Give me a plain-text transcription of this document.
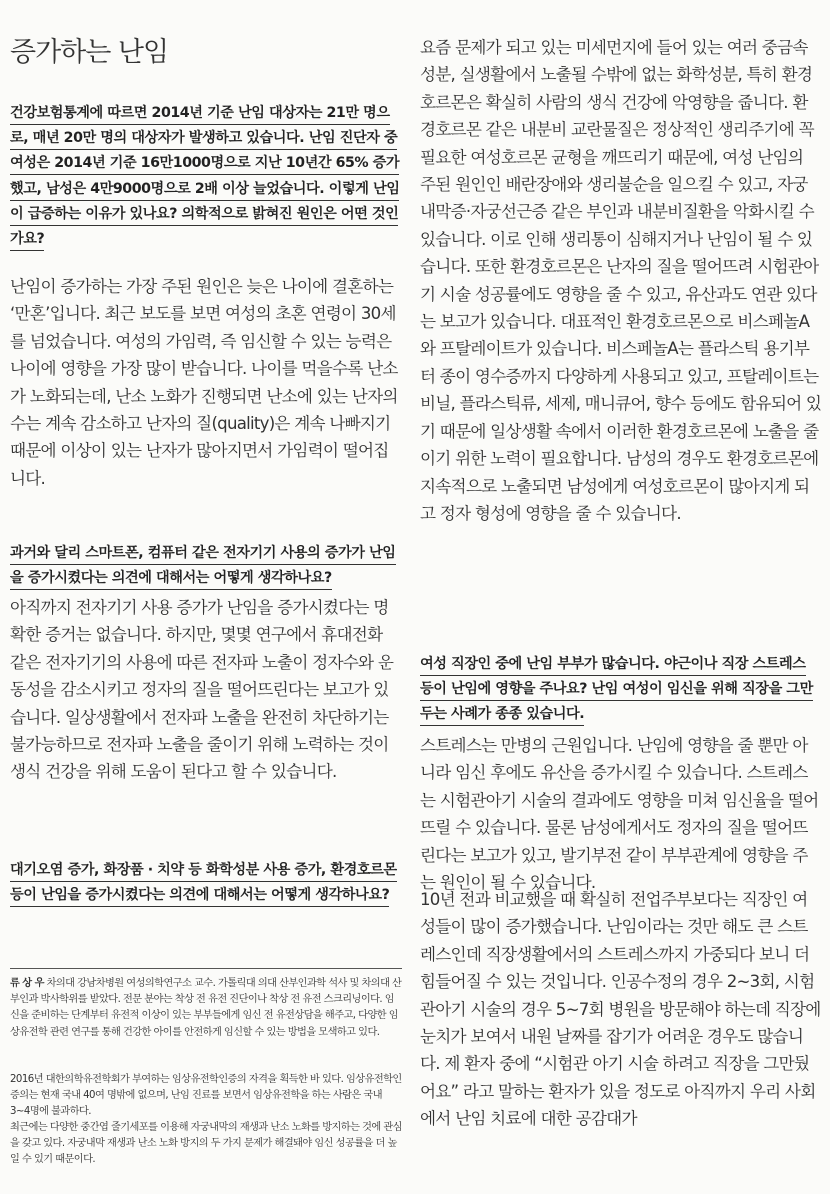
증가하는 난임

건강보험통계에 따르면 2014년 기준 난임 대상자는 21만 명으로, 매년 20만 명의 대상자가 발생하고 있습니다. 난임 진단자 중 여성은 2014년 기준 16만1000명으로 지난 10년간 65% 증가했고, 남성은 4만9000명으로 2배 이상 늘었습니다. 이렇게 난임이 급증하는 이유가 있나요? 의학적으로 밝혀진 원인은 어떤 것인가요?

난임이 증가하는 가장 주된 원인은 늦은 나이에 결혼하는 ‘만혼’입니다. 최근 보도를 보면 여성의 초혼 연령이 30세를 넘었습니다. 여성의 가임력, 즉 임신할 수 있는 능력은 나이에 영향을 가장 많이 받습니다. 나이를 먹을수록 난소가 노화되는데, 난소 노화가 진행되면 난소에 있는 난자의 수는 계속 감소하고 난자의 질(quality)은 계속 나빠지기 때문에 이상이 있는 난자가 많아지면서 가임력이 떨어집니다.

과거와 달리 스마트폰, 컴퓨터 같은 전자기기 사용의 증가가 난임을 증가시켰다는 의견에 대해서는 어떻게 생각하나요?

아직까지 전자기기 사용 증가가 난임을 증가시켰다는 명확한 증거는 없습니다. 하지만, 몇몇 연구에서 휴대전화 같은 전자기기의 사용에 따른 전자파 노출이 정자수와 운동성을 감소시키고 정자의 질을 떨어뜨린다는 보고가 있습니다. 일상생활에서 전자파 노출을 완전히 차단하기는 불가능하므로 전자파 노출을 줄이기 위해 노력하는 것이 생식 건강을 위해 도움이 된다고 할 수 있습니다.

대기오염 증가, 화장품 · 치약 등 화학성분 사용 증가, 환경호르몬 등이 난임을 증가시켰다는 의견에 대해서는 어떻게 생각하나요?

류 상 우 차의대 강남차병원 여성의학연구소 교수. 가톨릭대 의대 산부인과학 석사 및 차의대 산부인과 박사학위를 받았다. 전문 분야는 착상 전 유전 진단이나 착상 전 유전 스크리닝이다. 임신을 준비하는 단계부터 유전적 이상이 있는 부부들에게 임신 전 유전상담을 해주고, 다양한 임상유전학 관련 연구를 통해 건강한 아이를 안전하게 임신할 수 있는 방법을 모색하고 있다.

2016년 대한의학유전학회가 부여하는 임상유전학인증의 자격을 획득한 바 있다. 임상유전학인증의는 현재 국내 40여 명밖에 없으며, 난임 진료를 보면서 임상유전학을 하는 사람은 국내 3~4명에 불과하다.

최근에는 다양한 중간엽 줄기세포를 이용해 자궁내막의 재생과 난소 노화를 방지하는 것에 관심을 갖고 있다. 자궁내막 재생과 난소 노화 방지의 두 가지 문제가 해결돼야 임신 성공률을 더 높일 수 있기 때문이다.

요즘 문제가 되고 있는 미세먼지에 들어 있는 여러 중금속 성분, 실생활에서 노출될 수밖에 없는 화학성분, 특히 환경호르몬은 확실히 사람의 생식 건강에 악영향을 줍니다. 환경호르몬 같은 내분비 교란물질은 정상적인 생리주기에 꼭 필요한 여성호르몬 균형을 깨뜨리기 때문에, 여성 난임의 주된 원인인 배란장애와 생리불순을 일으킬 수 있고, 자궁내막증·자궁선근증 같은 부인과 내분비질환을 악화시킬 수 있습니다. 이로 인해 생리통이 심해지거나 난임이 될 수 있습니다. 또한 환경호르몬은 난자의 질을 떨어뜨려 시험관아기 시술 성공률에도 영향을 줄 수 있고, 유산과도 연관 있다는 보고가 있습니다. 대표적인 환경호르몬으로 비스페놀A와 프탈레이트가 있습니다. 비스페놀A는 플라스틱 용기부터 종이 영수증까지 다양하게 사용되고 있고, 프탈레이트는 비닐, 플라스틱류, 세제, 매니큐어, 향수 등에도 함유되어 있기 때문에 일상생활 속에서 이러한 환경호르몬에 노출을 줄이기 위한 노력이 필요합니다. 남성의 경우도 환경호르몬에 지속적으로 노출되면 남성에게 여성호르몬이 많아지게 되고 정자 형성에 영향을 줄 수 있습니다.

여성 직장인 중에 난임 부부가 많습니다. 야근이나 직장 스트레스 등이 난임에 영향을 주나요? 난임 여성이 임신을 위해 직장을 그만두는 사례가 종종 있습니다.

스트레스는 만병의 근원입니다. 난임에 영향을 줄 뿐만 아니라 임신 후에도 유산을 증가시킬 수 있습니다. 스트레스는 시험관아기 시술의 결과에도 영향을 미쳐 임신율을 떨어뜨릴 수 있습니다. 물론 남성에게서도 정자의 질을 떨어뜨린다는 보고가 있고, 발기부전 같이 부부관계에 영향을 주는 원인이 될 수 있습니다.

10년 전과 비교했을 때 확실히 전업주부보다는 직장인 여성들이 많이 증가했습니다. 난임이라는 것만 해도 큰 스트레스인데 직장생활에서의 스트레스까지 가중되다 보니 더 힘들어질 수 있는 것입니다. 인공수정의 경우 2~3회, 시험관아기 시술의 경우 5~7회 병원을 방문해야 하는데 직장에 눈치가 보여서 내원 날짜를 잡기가 어려운 경우도 많습니다. 제 환자 중에 “시험관 아기 시술 하려고 직장을 그만뒀어요” 라고 말하는 환자가 있을 정도로 아직까지 우리 사회에서 난임 치료에 대한 공감대가
